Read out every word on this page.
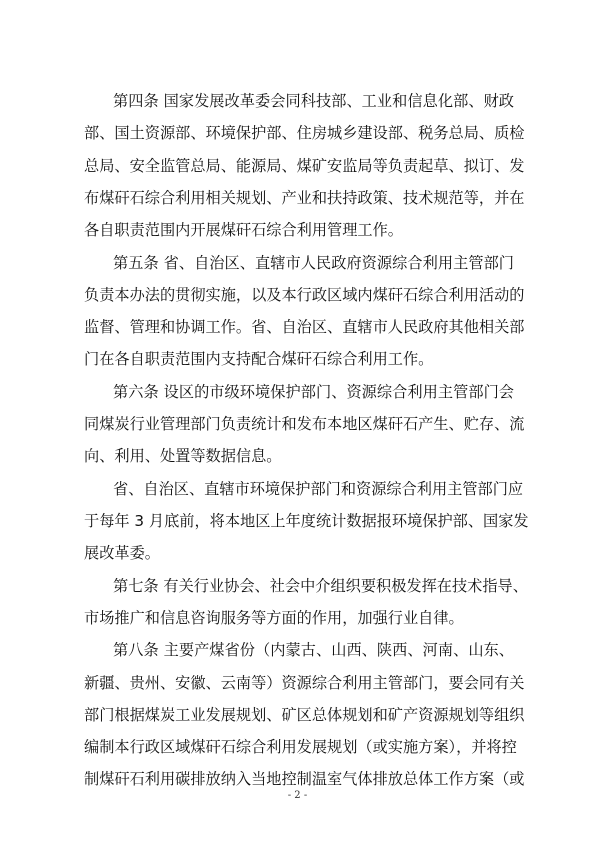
第四条 国家发展改革委会同科技部、工业和信息化部、财政
部、国土资源部、环境保护部、住房城乡建设部、税务总局、质检
总局、安全监管总局、能源局、煤矿安监局等负责起草、拟订、发
布煤矸石综合利用相关规划、产业和扶持政策、技术规范等，并在
各自职责范围内开展煤矸石综合利用管理工作。
第五条 省、自治区、直辖市人民政府资源综合利用主管部门
负责本办法的贯彻实施，以及本行政区域内煤矸石综合利用活动的
监督、管理和协调工作。省、自治区、直辖市人民政府其他相关部
门在各自职责范围内支持配合煤矸石综合利用工作。
第六条 设区的市级环境保护部门、资源综合利用主管部门会
同煤炭行业管理部门负责统计和发布本地区煤矸石产生、贮存、流
向、利用、处置等数据信息。
省、自治区、直辖市环境保护部门和资源综合利用主管部门应
于每年 3 月底前，将本地区上年度统计数据报环境保护部、国家发
展改革委。
第七条 有关行业协会、社会中介组织要积极发挥在技术指导、
市场推广和信息咨询服务等方面的作用，加强行业自律。
第八条 主要产煤省份（内蒙古、山西、陕西、河南、山东、
新疆、贵州、安徽、云南等）资源综合利用主管部门，要会同有关
部门根据煤炭工业发展规划、矿区总体规划和矿产资源规划等组织
编制本行政区域煤矸石综合利用发展规划（或实施方案），并将控
制煤矸石利用碳排放纳入当地控制温室气体排放总体工作方案（或
- 2 -
